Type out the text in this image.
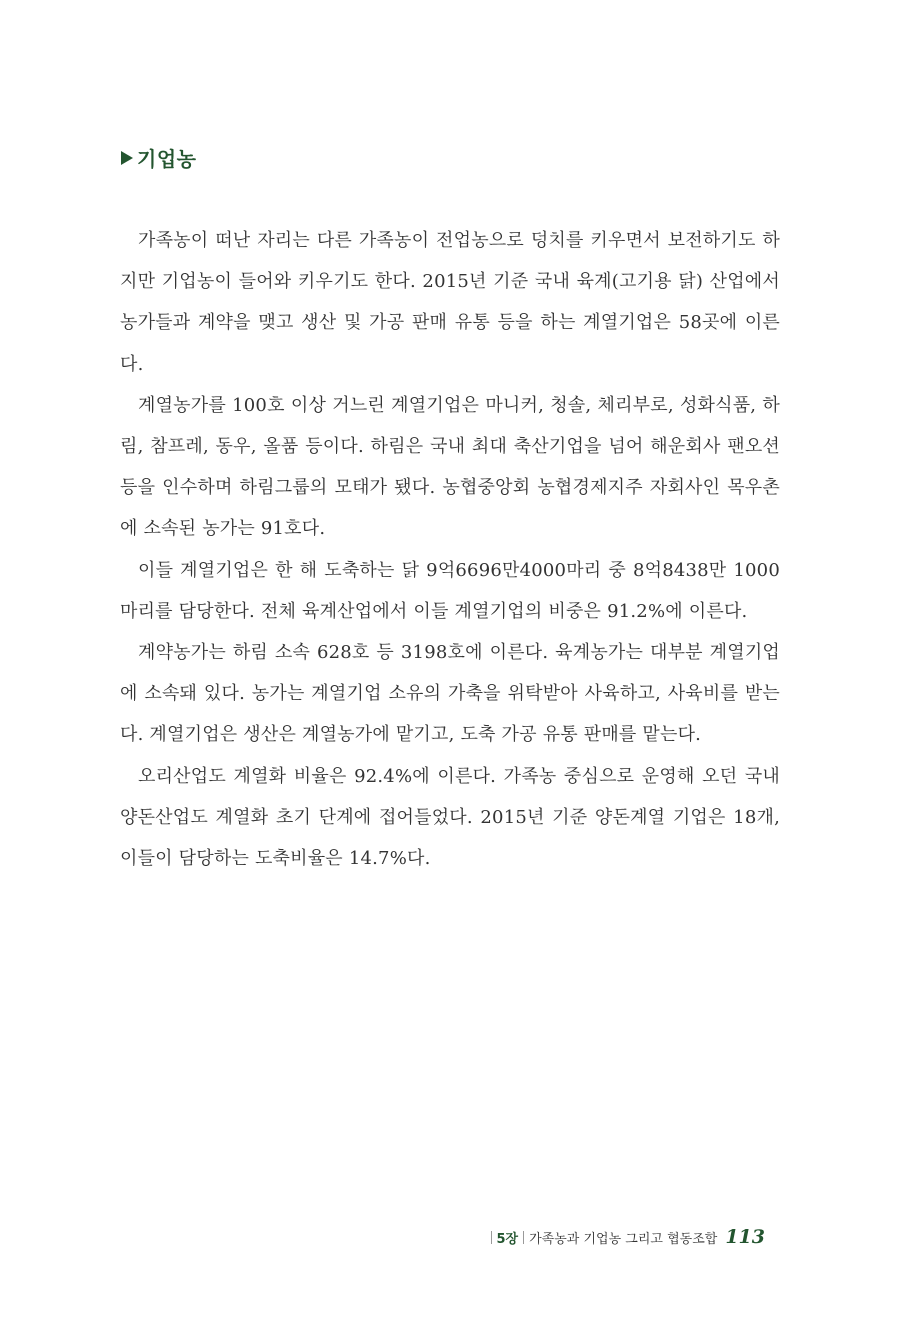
기업농

가족농이 떠난 자리는 다른 가족농이 전업농으로 덩치를 키우면서 보전하기도 하지만 기업농이 들어와 키우기도 한다. 2015년 기준 국내 육계(고기용 닭) 산업에서 농가들과 계약을 맺고 생산 및 가공 판매 유통 등을 하는 계열기업은 58곳에 이른다.

계열농가를 100호 이상 거느린 계열기업은 마니커, 청솔, 체리부로, 성화식품, 하림, 참프레, 동우, 올품 등이다. 하림은 국내 최대 축산기업을 넘어 해운회사 팬오션 등을 인수하며 하림그룹의 모태가 됐다. 농협중앙회 농협경제지주 자회사인 목우촌에 소속된 농가는 91호다.

이들 계열기업은 한 해 도축하는 닭 9억6696만4000마리 중 8억8438만 1000마리를 담당한다. 전체 육계산업에서 이들 계열기업의 비중은 91.2%에 이른다.

계약농가는 하림 소속 628호 등 3198호에 이른다. 육계농가는 대부분 계열기업에 소속돼 있다. 농가는 계열기업 소유의 가축을 위탁받아 사육하고, 사육비를 받는다. 계열기업은 생산은 계열농가에 맡기고, 도축 가공 유통 판매를 맡는다.

오리산업도 계열화 비율은 92.4%에 이른다. 가족농 중심으로 운영해 오던 국내 양돈산업도 계열화 초기 단계에 접어들었다. 2015년 기준 양돈계열 기업은 18개, 이들이 담당하는 도축비율은 14.7%다.

5장 가족농과 기업농 그리고 협동조합 113
